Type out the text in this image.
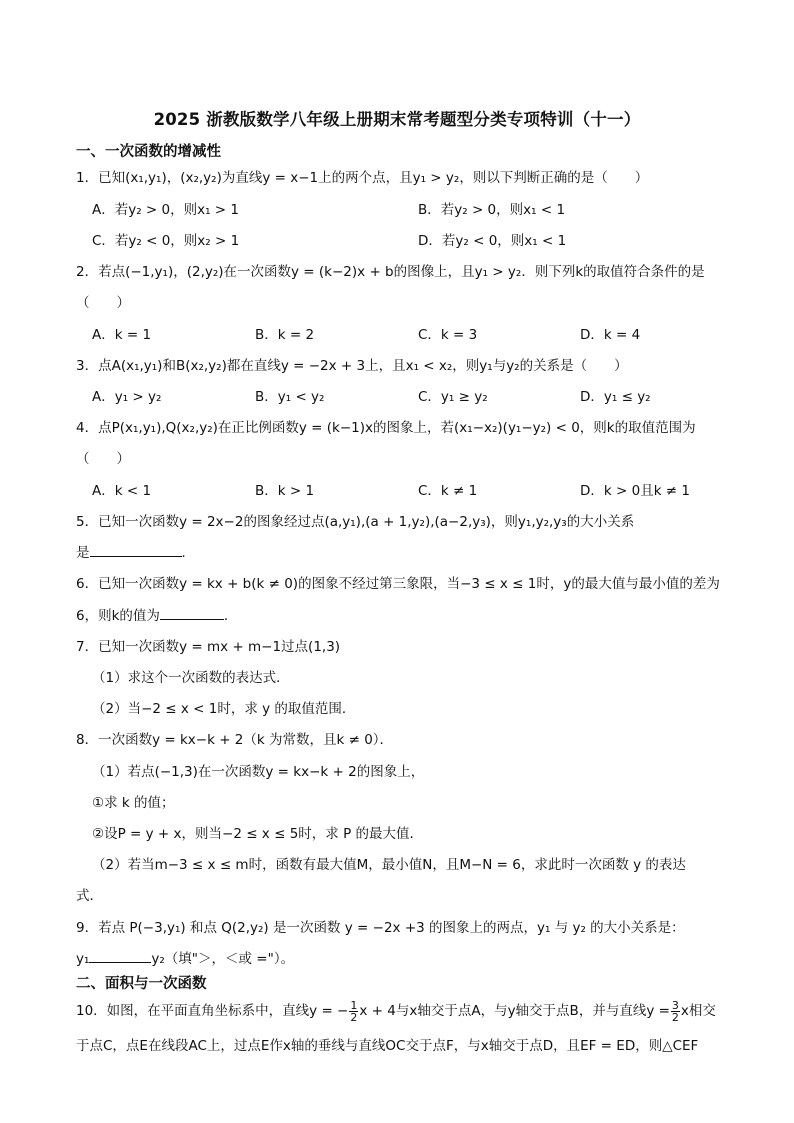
2025 浙教版数学八年级上册期末常考题型分类专项特训（十一）
一、一次函数的增减性
1．已知(x₁,y₁)，(x₂,y₂)为直线y = x−1上的两个点，且y₁ > y₂，则以下判断正确的是（　　）
A．若y₂ > 0，则x₁ > 1	B．若y₂ > 0，则x₁ < 1
C．若y₂ < 0，则x₂ > 1	D．若y₂ < 0，则x₁ < 1
2．若点(−1,y₁)，(2,y₂)在一次函数y = (k−2)x + b的图像上，且y₁ > y₂．则下列k的取值符合条件的是
（　　）
A．k = 1	B．k = 2	C．k = 3	D．k = 4
3．点A(x₁,y₁)和B(x₂,y₂)都在直线y = −2x + 3上，且x₁ < x₂，则y₁与y₂的关系是（　　）
A．y₁ > y₂	B．y₁ < y₂	C．y₁ ≥ y₂	D．y₁ ≤ y₂
4．点P(x₁,y₁),Q(x₂,y₂)在正比例函数y = (k−1)x的图象上，若(x₁−x₂)(y₁−y₂) < 0，则k的取值范围为
（　　）
A．k < 1	B．k > 1	C．k ≠ 1	D．k > 0且k ≠ 1
5．已知一次函数y = 2x−2的图象经过点(a,y₁),(a + 1,y₂),(a−2,y₃)，则y₁,y₂,y₃的大小关系
是	．
6．已知一次函数y = kx + b(k ≠ 0)的图象不经过第三象限，当−3 ≤ x ≤ 1时，y的最大值与最小值的差为
6，则k的值为	．
7．已知一次函数y = mx + m−1过点(1,3)
（1）求这个一次函数的表达式．
（2）当−2 ≤ x < 1时，求 y 的取值范围．
8．一次函数y = kx−k + 2（k 为常数，且k ≠ 0）．
（1）若点(−1,3)在一次函数y = kx−k + 2的图象上，
①求 k 的值；
②设P = y + x，则当−2 ≤ x ≤ 5时，求 P 的最大值．
（2）若当m−3 ≤ x ≤ m时，函数有最大值M，最小值N，且M−N = 6，求此时一次函数 y 的表达
式．
9．若点 P(−3,y₁) 和点 Q(2,y₂) 是一次函数 y = −2x +3 的图象上的两点，y₁ 与 y₂ 的大小关系是：
y₁	y₂（填"＞，＜或 ="）。
二、面积与一次函数
10．如图，在平面直角坐标系中，直线y = − $\frac{1}{2}$ x + 4与x轴交于点A，与y轴交于点B，并与直线$y = \frac{3}{2}$ x相交
于点C，点E在线段AC上，过点E作x轴的垂线与直线OC交于点F，与x轴交于点D，且EF = ED，则△CEF
